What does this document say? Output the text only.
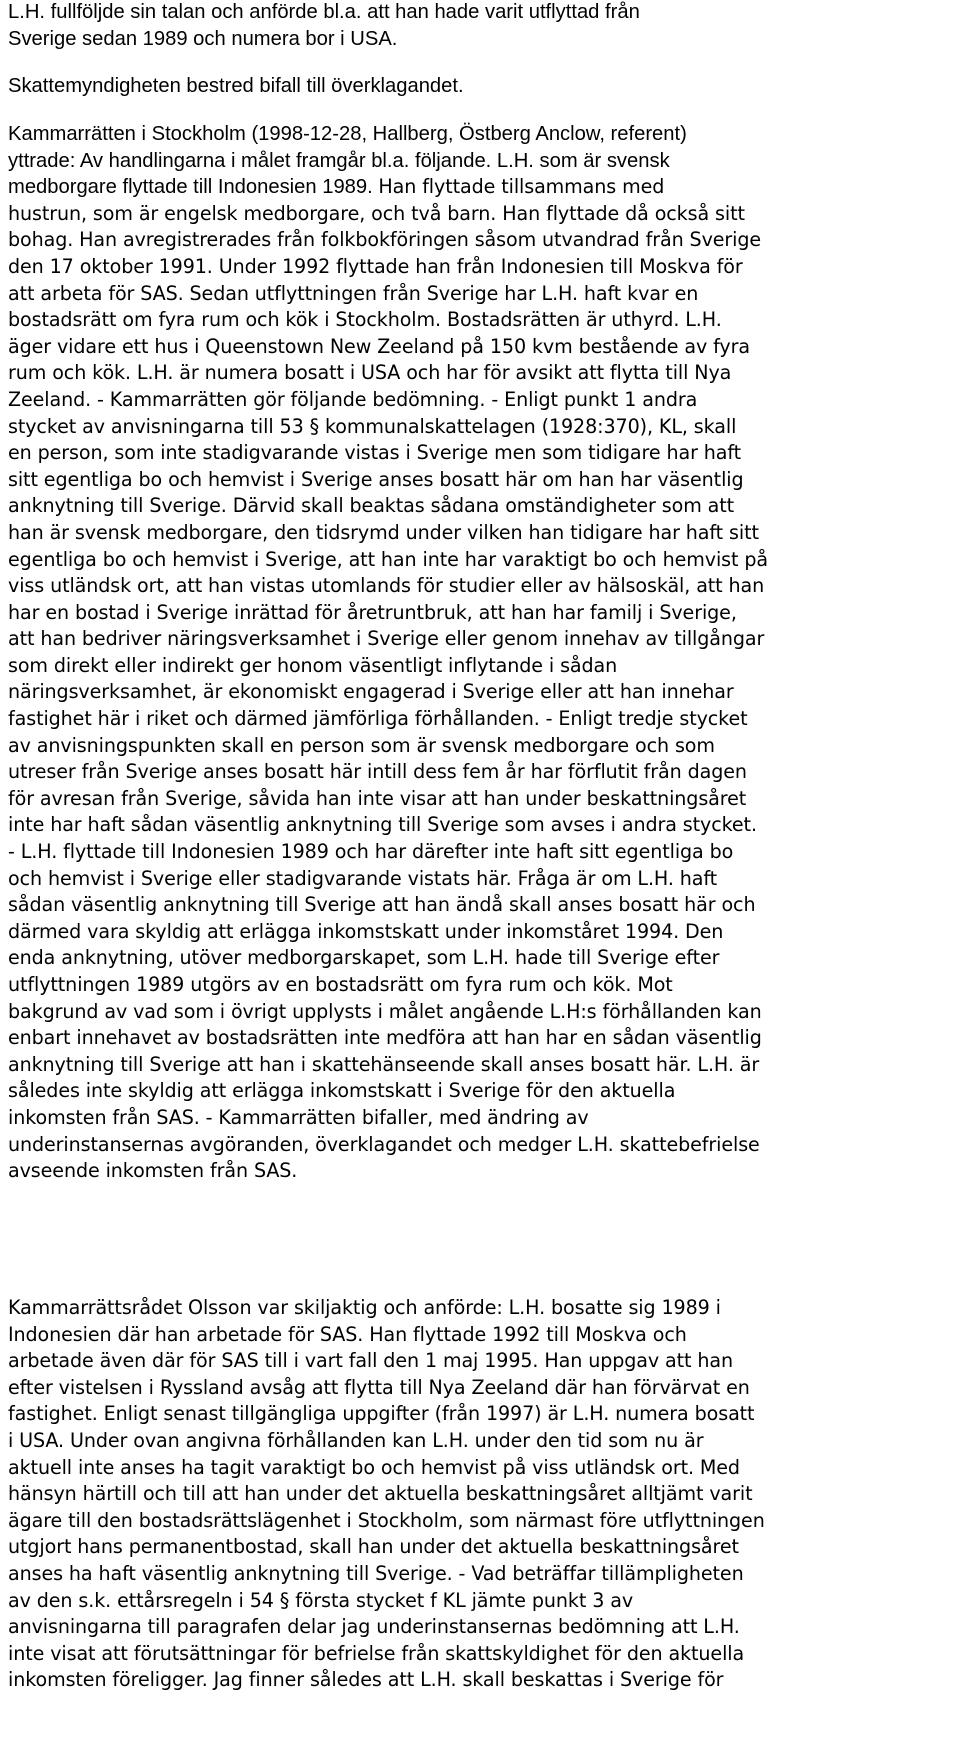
L.H. fullföljde sin talan och anförde bl.a. att han hade varit utflyttad från
Sverige sedan 1989 och numera bor i USA.

Skattemyndigheten bestred bifall till överklagandet.

Kammarrätten i Stockholm (1998-12-28, Hallberg, Östberg Anclow, referent)
yttrade: Av handlingarna i målet framgår bl.a. följande. L.H. som är svensk
medborgare flyttade till Indonesien 1989. Han flyttade tillsammans med
hustrun, som är engelsk medborgare, och två barn. Han flyttade då också sitt
bohag. Han avregistrerades från folkbokföringen såsom utvandrad från Sverige
den 17 oktober 1991. Under 1992 flyttade han från Indonesien till Moskva för
att arbeta för SAS. Sedan utflyttningen från Sverige har L.H. haft kvar en
bostadsrätt om fyra rum och kök i Stockholm. Bostadsrätten är uthyrd. L.H.
äger vidare ett hus i Queenstown New Zeeland på 150 kvm bestående av fyra
rum och kök. L.H. är numera bosatt i USA och har för avsikt att flytta till Nya
Zeeland. - Kammarrätten gör följande bedömning. - Enligt punkt 1 andra
stycket av anvisningarna till 53 § kommunalskattelagen (1928:370), KL, skall
en person, som inte stadigvarande vistas i Sverige men som tidigare har haft
sitt egentliga bo och hemvist i Sverige anses bosatt här om han har väsentlig
anknytning till Sverige. Därvid skall beaktas sådana omständigheter som att
han är svensk medborgare, den tidsrymd under vilken han tidigare har haft sitt
egentliga bo och hemvist i Sverige, att han inte har varaktigt bo och hemvist på
viss utländsk ort, att han vistas utomlands för studier eller av hälsoskäl, att han
har en bostad i Sverige inrättad för åretruntbruk, att han har familj i Sverige,
att han bedriver näringsverksamhet i Sverige eller genom innehav av tillgångar
som direkt eller indirekt ger honom väsentligt inflytande i sådan
näringsverksamhet, är ekonomiskt engagerad i Sverige eller att han innehar
fastighet här i riket och därmed jämförliga förhållanden. - Enligt tredje stycket
av anvisningspunkten skall en person som är svensk medborgare och som
utreser från Sverige anses bosatt här intill dess fem år har förflutit från dagen
för avresan från Sverige, såvida han inte visar att han under beskattningsåret
inte har haft sådan väsentlig anknytning till Sverige som avses i andra stycket.
- L.H. flyttade till Indonesien 1989 och har därefter inte haft sitt egentliga bo
och hemvist i Sverige eller stadigvarande vistats här. Fråga är om L.H. haft
sådan väsentlig anknytning till Sverige att han ändå skall anses bosatt här och
därmed vara skyldig att erlägga inkomstskatt under inkomståret 1994. Den
enda anknytning, utöver medborgarskapet, som L.H. hade till Sverige efter
utflyttningen 1989 utgörs av en bostadsrätt om fyra rum och kök. Mot
bakgrund av vad som i övrigt upplysts i målet angående L.H:s förhållanden kan
enbart innehavet av bostadsrätten inte medföra att han har en sådan väsentlig
anknytning till Sverige att han i skattehänseende skall anses bosatt här. L.H. är
således inte skyldig att erlägga inkomstskatt i Sverige för den aktuella
inkomsten från SAS. - Kammarrätten bifaller, med ändring av
underinstansernas avgöranden, överklagandet och medger L.H. skattebefrielse
avseende inkomsten från SAS.

Kammarrättsrådet Olsson var skiljaktig och anförde: L.H. bosatte sig 1989 i
Indonesien där han arbetade för SAS. Han flyttade 1992 till Moskva och
arbetade även där för SAS till i vart fall den 1 maj 1995. Han uppgav att han
efter vistelsen i Ryssland avsåg att flytta till Nya Zeeland där han förvärvat en
fastighet. Enligt senast tillgängliga uppgifter (från 1997) är L.H. numera bosatt
i USA. Under ovan angivna förhållanden kan L.H. under den tid som nu är
aktuell inte anses ha tagit varaktigt bo och hemvist på viss utländsk ort. Med
hänsyn härtill och till att han under det aktuella beskattningsåret alltjämt varit
ägare till den bostadsrättslägenhet i Stockholm, som närmast före utflyttningen
utgjort hans permanentbostad, skall han under det aktuella beskattningsåret
anses ha haft väsentlig anknytning till Sverige. - Vad beträffar tillämpligheten
av den s.k. ettårsregeln i 54 § första stycket f KL jämte punkt 3 av
anvisningarna till paragrafen delar jag underinstansernas bedömning att L.H.
inte visat att förutsättningar för befrielse från skattskyldighet för den aktuella
inkomsten föreligger. Jag finner således att L.H. skall beskattas i Sverige för
